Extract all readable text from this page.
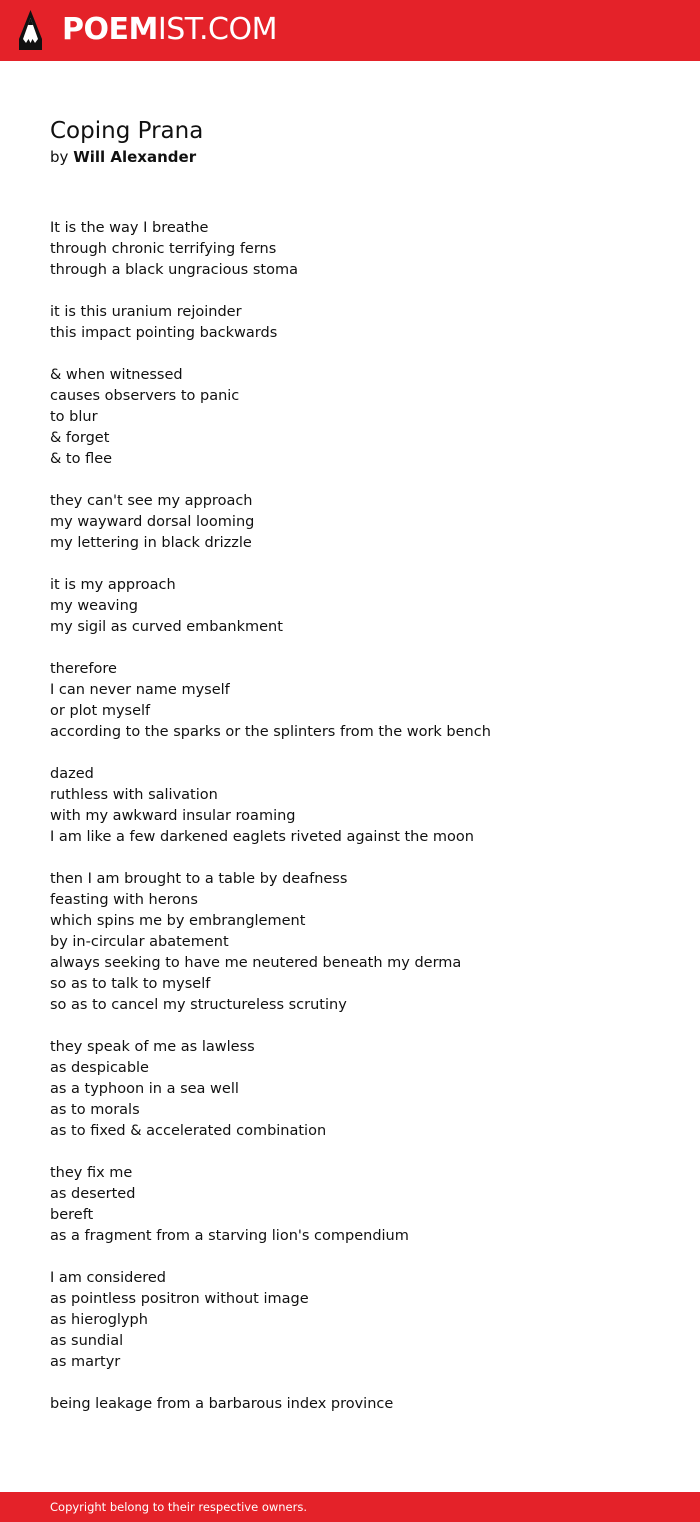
POEMIST.COM
Coping Prana

by Will Alexander

It is the way I breathe
through chronic terrifying ferns
through a black ungracious stoma
it is this uranium rejoinder
this impact pointing backwards
& when witnessed
causes observers to panic
to blur
& forget
& to flee
they can't see my approach
my wayward dorsal looming
my lettering in black drizzle
it is my approach
my weaving
my sigil as curved embankment
therefore
I can never name myself
or plot myself
according to the sparks or the splinters from the work bench
dazed
ruthless with salivation
with my awkward insular roaming
I am like a few darkened eaglets riveted against the moon
then I am brought to a table by deafness
feasting with herons
which spins me by embranglement
by in-circular abatement
always seeking to have me neutered beneath my derma
so as to talk to myself
so as to cancel my structureless scrutiny
they speak of me as lawless
as despicable
as a typhoon in a sea well
as to morals
as to fixed & accelerated combination
they fix me
as deserted
bereft
as a fragment from a starving lion's compendium
I am considered
as pointless positron without image
as hieroglyph
as sundial
as martyr
being leakage from a barbarous index province
Copyright belong to their respective owners.
